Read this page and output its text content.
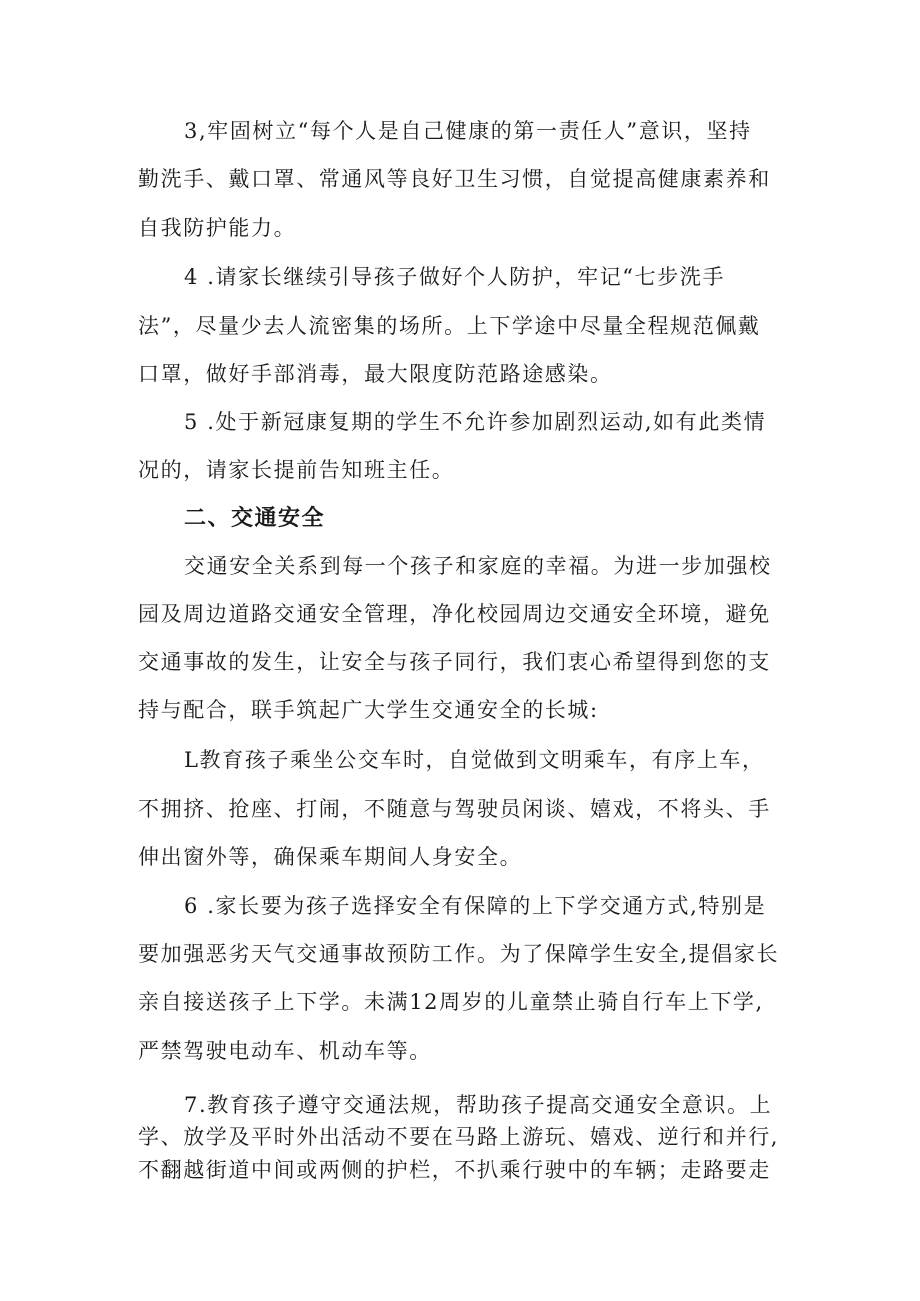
3,牢固树立“每个人是自己健康的第一责任人”意识，坚持
勤洗手、戴口罩、常通风等良好卫生习惯，自觉提高健康素养和
自我防护能力。
4 .请家长继续引导孩子做好个人防护，牢记“七步洗手
法”，尽量少去人流密集的场所。上下学途中尽量全程规范佩戴
口罩，做好手部消毒，最大限度防范路途感染。
5 .处于新冠康复期的学生不允许参加剧烈运动,如有此类情
况的，请家长提前告知班主任。
二、交通安全
交通安全关系到每一个孩子和家庭的幸福。为进一步加强校
园及周边道路交通安全管理，净化校园周边交通安全环境，避免
交通事故的发生，让安全与孩子同行，我们衷心希望得到您的支
持与配合，联手筑起广大学生交通安全的长城:
L教育孩子乘坐公交车时，自觉做到文明乘车，有序上车，
不拥挤、抢座、打闹，不随意与驾驶员闲谈、嬉戏，不将头、手
伸出窗外等，确保乘车期间人身安全。
6 .家长要为孩子选择安全有保障的上下学交通方式,特别是
要加强恶劣天气交通事故预防工作。为了保障学生安全,提倡家长
亲自接送孩子上下学。未满12周岁的儿童禁止骑自行车上下学,
严禁驾驶电动车、机动车等。
7.教育孩子遵守交通法规，帮助孩子提高交通安全意识。上
学、放学及平时外出活动不要在马路上游玩、嬉戏、逆行和并行,
不翻越街道中间或两侧的护栏，不扒乘行驶中的车辆；走路要走
